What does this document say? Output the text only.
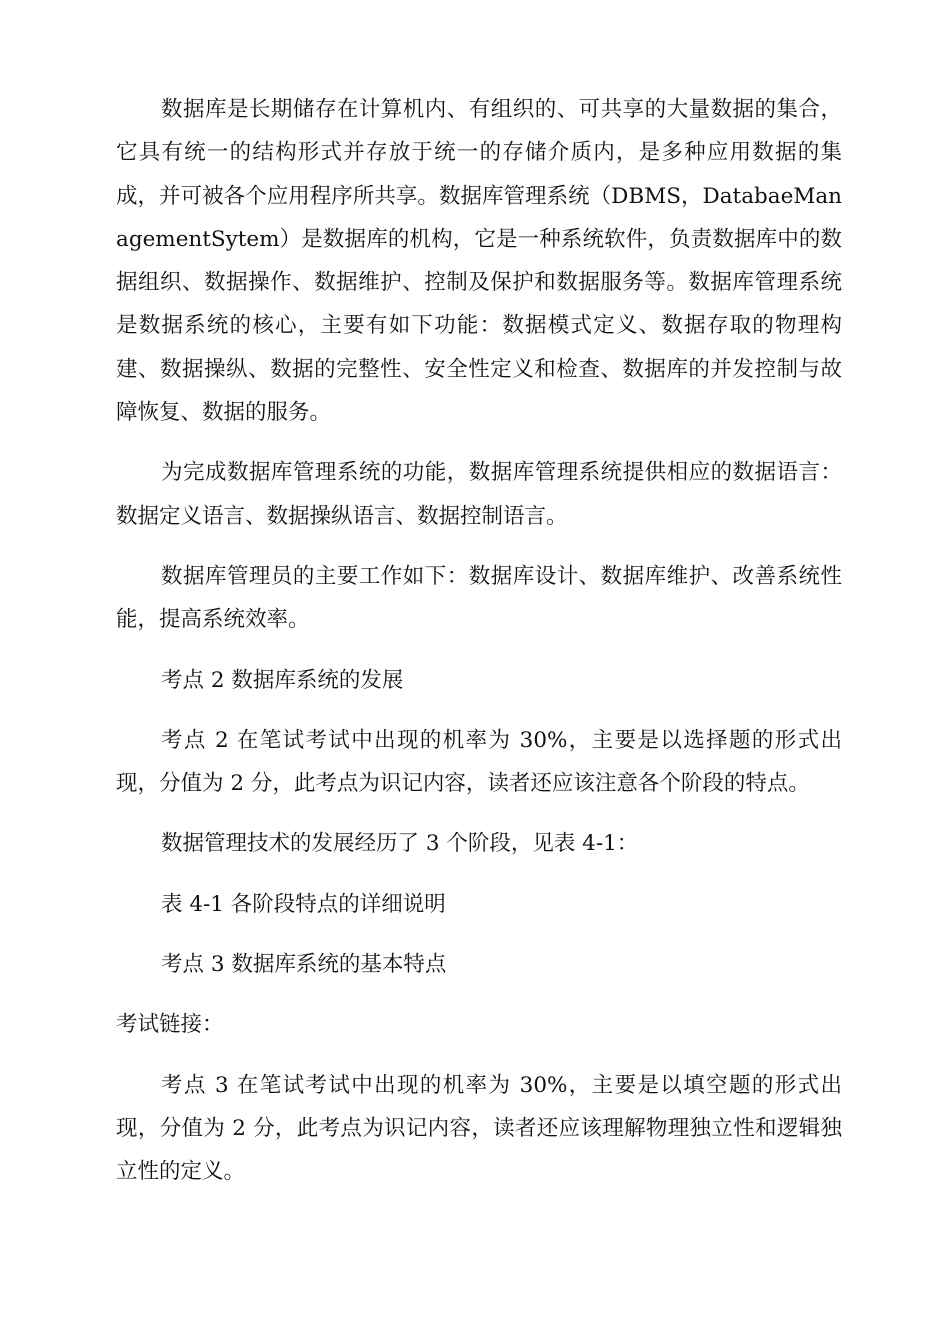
数据库是长期储存在计算机内、有组织的、可共享的大量数据的集合，它具有统一的结构形式并存放于统一的存储介质内，是多种应用数据的集成，并可被各个应用程序所共享。数据库管理系统（DBMS，DatabaeManagementSytem）是数据库的机构，它是一种系统软件，负责数据库中的数据组织、数据操作、数据维护、控制及保护和数据服务等。数据库管理系统是数据系统的核心，主要有如下功能：数据模式定义、数据存取的物理构建、数据操纵、数据的完整性、安全性定义和检查、数据库的并发控制与故障恢复、数据的服务。

为完成数据库管理系统的功能，数据库管理系统提供相应的数据语言：数据定义语言、数据操纵语言、数据控制语言。

数据库管理员的主要工作如下：数据库设计、数据库维护、改善系统性能，提高系统效率。

考点 2 数据库系统的发展

考点 2 在笔试考试中出现的机率为 30%，主要是以选择题的形式出现，分值为 2 分，此考点为识记内容，读者还应该注意各个阶段的特点。

数据管理技术的发展经历了 3 个阶段，见表 4-1：

表 4-1 各阶段特点的详细说明

考点 3 数据库系统的基本特点

考试链接：

考点 3 在笔试考试中出现的机率为 30%，主要是以填空题的形式出现，分值为 2 分，此考点为识记内容，读者还应该理解物理独立性和逻辑独立性的定义。
